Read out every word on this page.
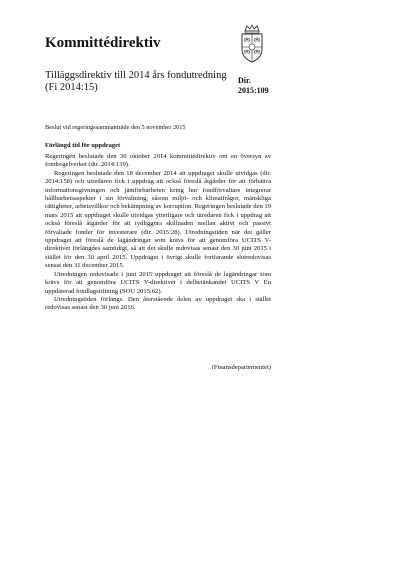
Kommittédirektiv
Tilläggsdirektiv till 2014 års fondutredning
(Fi 2014:15)
Dir.
2015:109
Beslut vid regeringssammanträde den 5 november 2015
Förlängd tid för uppdraget

Regeringen beslutade den 30 oktober 2014 kommittédirektiv om en översyn av fondregelverket (dir. 2014:139).

Regeringen beslutade den 18 december 2014 att uppdraget skulle utvidgas (dir. 2014:158) och utredaren fick i uppdrag att också föreslå åtgärder för att förbättra informationsgivningen och jämförbarheten kring hur fondförvaltare integrerar hållbarhetsaspekter i sin förvaltning, såsom miljö- och klimatfrågor, mänskliga rättigheter, arbetsvillkor och bekämpning av korruption. Regeringen beslutade den 19 mars 2015 att uppdraget skulle utvidgas ytterligare och utredaren fick i uppdrag att också föreslå åtgärder för att tydliggöra skillnaden mellan aktivt och passivt förvaltade fonder för investerare (dir. 2015:28). Utredningstiden när det gäller uppdraget att föreslå de lagändringar som krävs för att genomföra UCITS V-direktivet förlängdes samtidigt, så att det skulle redovisas senast den 30 juni 2015 i stället för den 30 april 2015. Uppdraget i övrigt skulle fortfarande slutredovisas senast den 31 december 2015.

Utredningen redovisade i juni 2015 uppdraget att föreslå de lagändringar som krävs för att genomföra UCITS V-direktivet i delbetänkandet UCITS V En uppdaterad fondlagstiftning (SOU 2015:62).

Utredningstiden förlängs. Den återstående delen av uppdraget ska i stället redovisas senast den 30 juni 2016.

(Finansdepartementet)
